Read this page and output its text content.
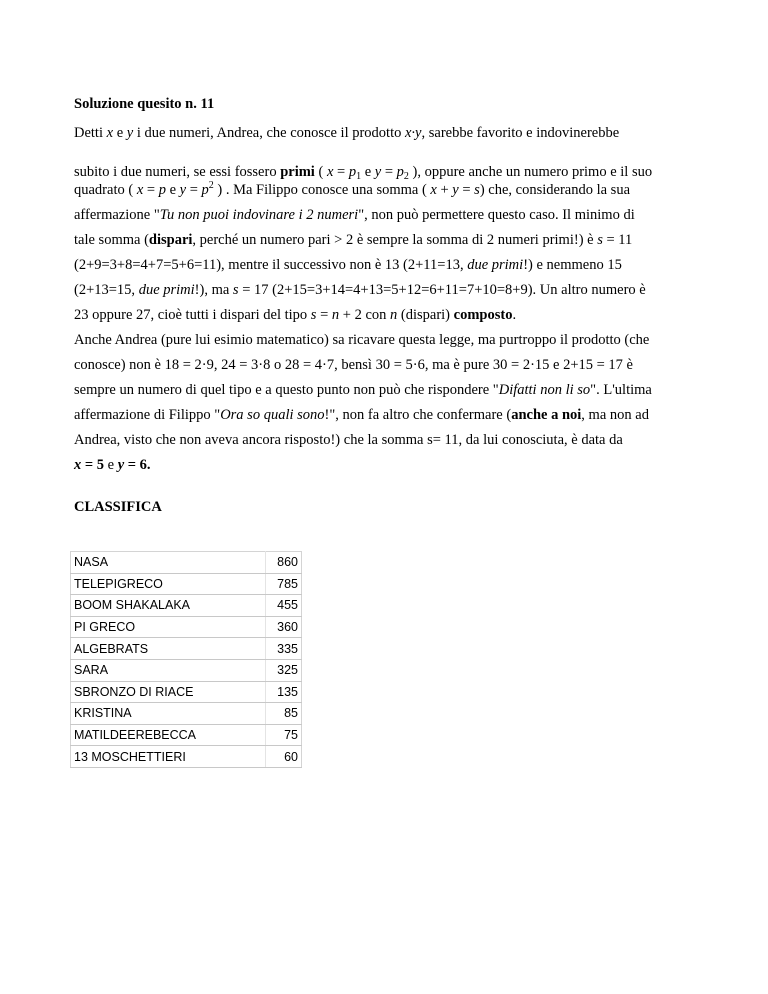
Soluzione quesito n. 11
Detti x e y i due numeri, Andrea, che conosce il prodotto x·y, sarebbe favorito e indovinerebbe
subito i due numeri, se essi fossero primi ( $x = p_1$ e $y = p_2$ ), oppure anche un numero primo e il suo
quadrato ( x = p e $y = p^2$ ) . Ma Filippo conosce una somma ( x + y = s) che, considerando la sua
affermazione "Tu non puoi indovinare i 2 numeri", non può permettere questo caso. Il minimo di
tale somma (dispari, perché un numero pari > 2 è sempre la somma di 2 numeri primi!) è s = 11
(2+9=3+8=4+7=5+6=11), mentre il successivo non è 13 (2+11=13, due primi!) e nemmeno 15
(2+13=15, due primi!), ma s = 17 (2+15=3+14=4+13=5+12=6+11=7+10=8+9). Un altro numero è
23 oppure 27, cioè tutti i dispari del tipo s = n + 2 con n (dispari) composto.
Anche Andrea (pure lui esimio matematico) sa ricavare questa legge, ma purtroppo il prodotto (che
conosce) non è 18 = 2·9, 24 = 3·8 o 28 = 4·7, bensì 30 = 5·6, ma è pure 30 = 2·15 e 2+15 = 17 è
sempre un numero di quel tipo e a questo punto non può che rispondere "Difatti non li so". L'ultima
affermazione di Filippo "Ora so quali sono!", non fa altro che confermare (anche a noi, ma non ad
Andrea, visto che non aveva ancora risposto!) che la somma s= 11, da lui conosciuta, è data da
x = 5 e y = 6.
CLASSIFICA
NASA	860
TELEPIGRECO	785
BOOM SHAKALAKA	455
PI GRECO	360
ALGEBRATS	335
SARA	325
SBRONZO DI RIACE	135
KRISTINA	85
MATILDEEREBECCA	75
13 MOSCHETTIERI	60
